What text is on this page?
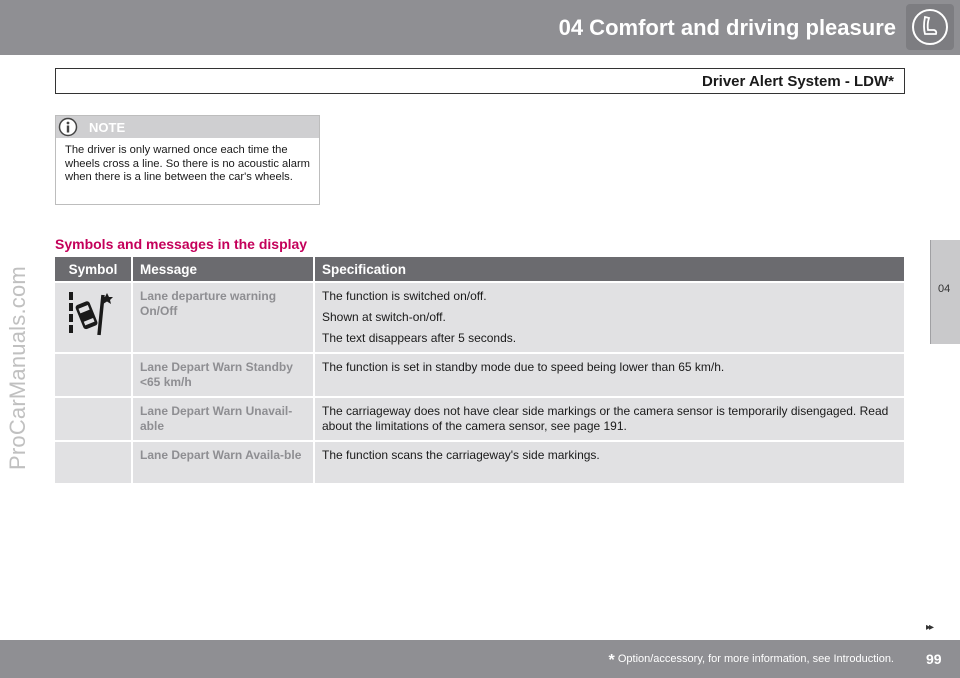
04 Comfort and driving pleasure
Driver Alert System - LDW*
04
ProCarManuals.com
NOTE
The driver is only warned once each time the wheels cross a line. So there is no acoustic alarm when there is a line between the car's wheels.
Symbols and messages in the display
Symbol	Message	Specification
	Lane departure warning On/Off	The function is switched on/off.
Shown at switch-on/off.
The text disappears after 5 seconds.

	Lane Depart Warn Standby <65 km/h	The function is set in standby mode due to speed being lower than 65 km/h.

	Lane Depart Warn Unavail-able	The carriageway does not have clear side markings or the camera sensor is temporarily disengaged. Read about the limitations of the camera sensor, see page 191.

	Lane Depart Warn Availa-ble	The function scans the carriageway's side markings.
▸▸
* Option/accessory, for more information, see Introduction. 99
